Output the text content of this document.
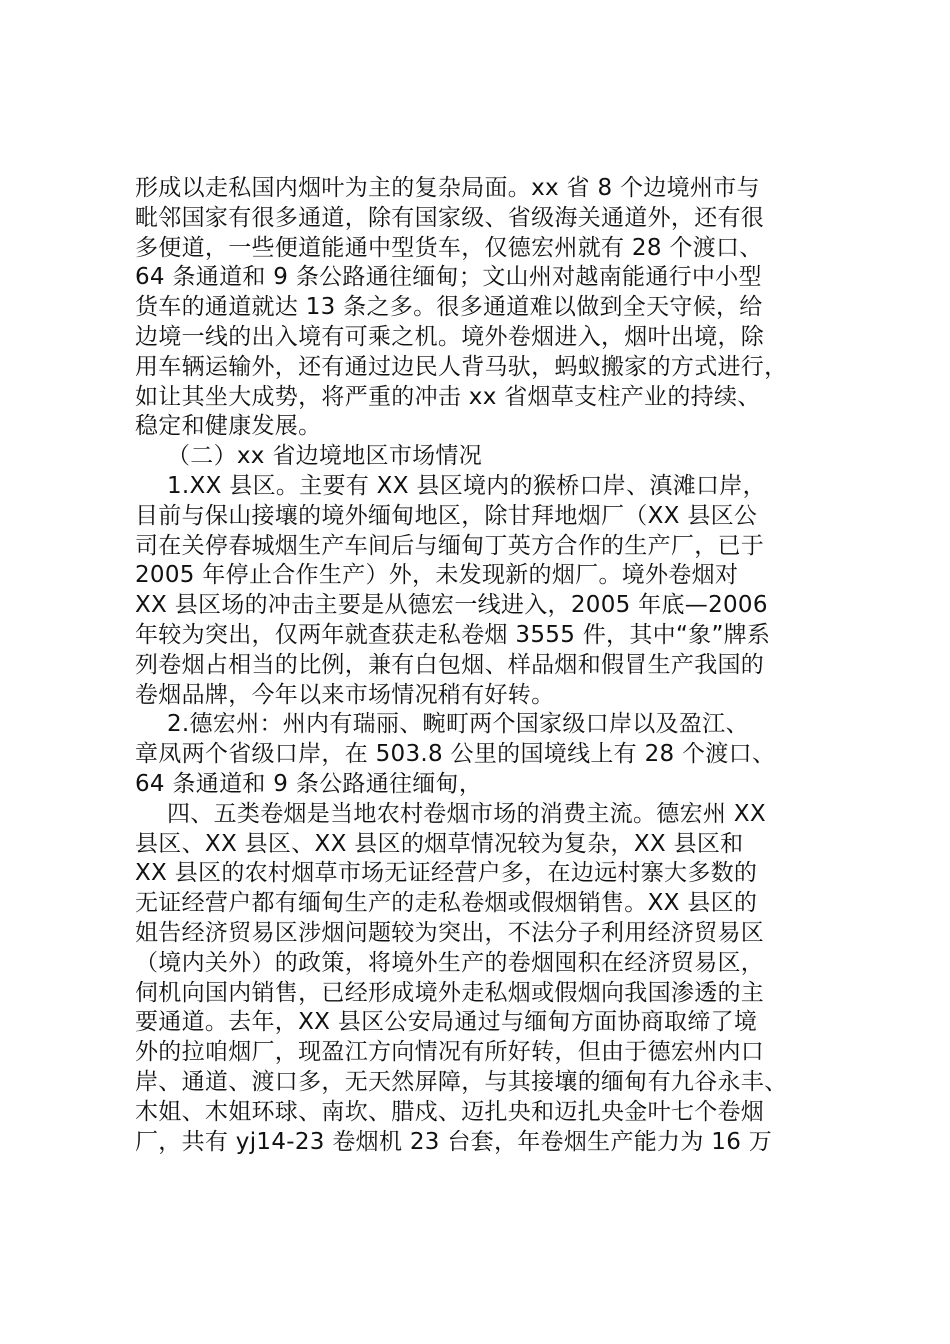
形成以走私国内烟叶为主的复杂局面。xx 省 8 个边境州市与
毗邻国家有很多通道，除有国家级、省级海关通道外，还有很
多便道，一些便道能通中型货车，仅德宏州就有 28 个渡口、
64 条通道和 9 条公路通往缅甸；文山州对越南能通行中小型
货车的通道就达 13 条之多。很多通道难以做到全天守候，给
边境一线的出入境有可乘之机。境外卷烟进入，烟叶出境，除
用车辆运输外，还有通过边民人背马驮，蚂蚁搬家的方式进行，
如让其坐大成势，将严重的冲击 xx 省烟草支柱产业的持续、
稳定和健康发展。
（二）xx 省边境地区市场情况
1.XX 县区。主要有 XX 县区境内的猴桥口岸、滇滩口岸，
目前与保山接壤的境外缅甸地区，除甘拜地烟厂（XX 县区公
司在关停春城烟生产车间后与缅甸丁英方合作的生产厂，已于
2005 年停止合作生产）外，未发现新的烟厂。境外卷烟对
XX 县区场的冲击主要是从德宏一线进入，2005 年底—2006
年较为突出，仅两年就查获走私卷烟 3555 件，其中“象”牌系
列卷烟占相当的比例，兼有白包烟、样品烟和假冒生产我国的
卷烟品牌，今年以来市场情况稍有好转。
2.德宏州：州内有瑞丽、畹町两个国家级口岸以及盈江、
章凤两个省级口岸，在 503.8 公里的国境线上有 28 个渡口、
64 条通道和 9 条公路通往缅甸，
四、五类卷烟是当地农村卷烟市场的消费主流。德宏州 XX
县区、XX 县区、XX 县区的烟草情况较为复杂，XX 县区和
XX 县区的农村烟草市场无证经营户多，在边远村寨大多数的
无证经营户都有缅甸生产的走私卷烟或假烟销售。XX 县区的
姐告经济贸易区涉烟问题较为突出，不法分子利用经济贸易区
（境内关外）的政策，将境外生产的卷烟囤积在经济贸易区，
伺机向国内销售，已经形成境外走私烟或假烟向我国渗透的主
要通道。去年，XX 县区公安局通过与缅甸方面协商取缔了境
外的拉咱烟厂，现盈江方向情况有所好转，但由于德宏州内口
岸、通道、渡口多，无天然屏障，与其接壤的缅甸有九谷永丰、
木姐、木姐环球、南坎、腊戍、迈扎央和迈扎央金叶七个卷烟
厂，共有 yj14-23 卷烟机 23 台套，年卷烟生产能力为 16 万
